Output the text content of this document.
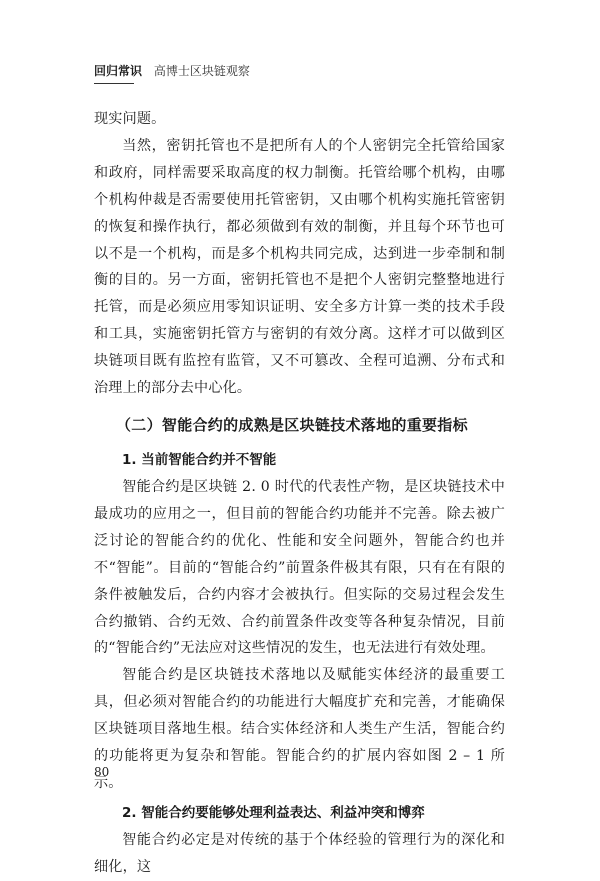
回归常识 高博士区块链观察

现实问题。

当然，密钥托管也不是把所有人的个人密钥完全托管给国家和政府，同样需要采取高度的权力制衡。托管给哪个机构，由哪个机构仲裁是否需要使用托管密钥，又由哪个机构实施托管密钥的恢复和操作执行，都必须做到有效的制衡，并且每个环节也可以不是一个机构，而是多个机构共同完成，达到进一步牵制和制衡的目的。另一方面，密钥托管也不是把个人密钥完整整地进行托管，而是必须应用零知识证明、安全多方计算一类的技术手段和工具，实施密钥托管方与密钥的有效分离。这样才可以做到区块链项目既有监控有监管，又不可篡改、全程可追溯、分布式和治理上的部分去中心化。

（二）智能合约的成熟是区块链技术落地的重要指标
1. 当前智能合约并不智能

智能合约是区块链 2. 0 时代的代表性产物，是区块链技术中最成功的应用之一，但目前的智能合约功能并不完善。除去被广泛讨论的智能合约的优化、性能和安全问题外，智能合约也并不“智能”。目前的“智能合约”前置条件极其有限，只有在有限的条件被触发后，合约内容才会被执行。但实际的交易过程会发生合约撤销、合约无效、合约前置条件改变等各种复杂情况，目前的“智能合约”无法应对这些情况的发生，也无法进行有效处理。

智能合约是区块链技术落地以及赋能实体经济的最重要工具，但必须对智能合约的功能进行大幅度扩充和完善，才能确保区块链项目落地生根。结合实体经济和人类生产生活，智能合约的功能将更为复杂和智能。智能合约的扩展内容如图 2 – 1 所示。

2. 智能合约要能够处理利益表达、利益冲突和博弈

智能合约必定是对传统的基于个体经验的管理行为的深化和细化，这

80
